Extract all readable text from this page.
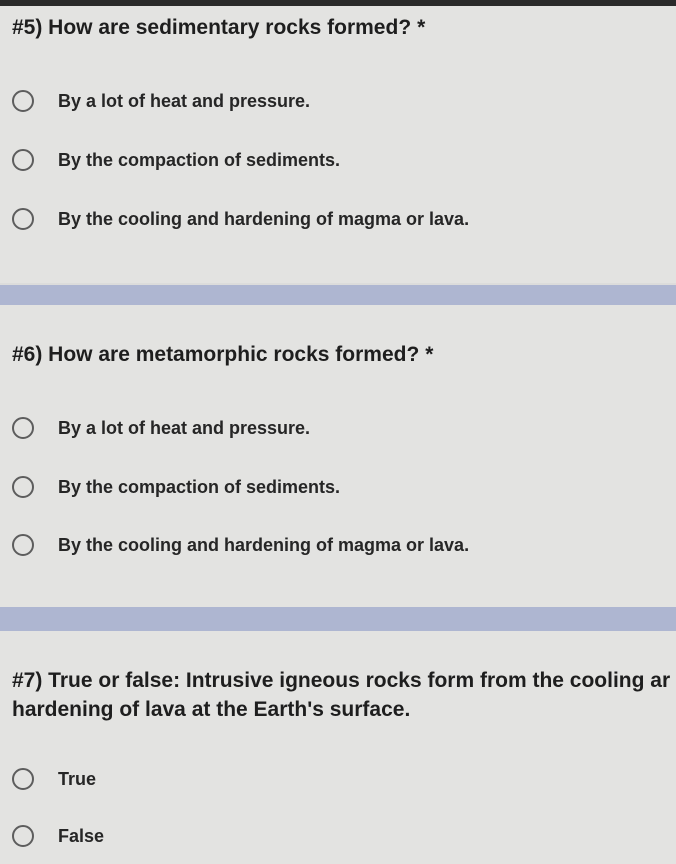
#5) How are sedimentary rocks formed? *
By a lot of heat and pressure.
By the compaction of sediments.
By the cooling and hardening of magma or lava.
#6) How are metamorphic rocks formed? *
By a lot of heat and pressure.
By the compaction of sediments.
By the cooling and hardening of magma or lava.
#7) True or false: Intrusive igneous rocks form from the cooling ar hardening of lava at the Earth's surface.
True
False
